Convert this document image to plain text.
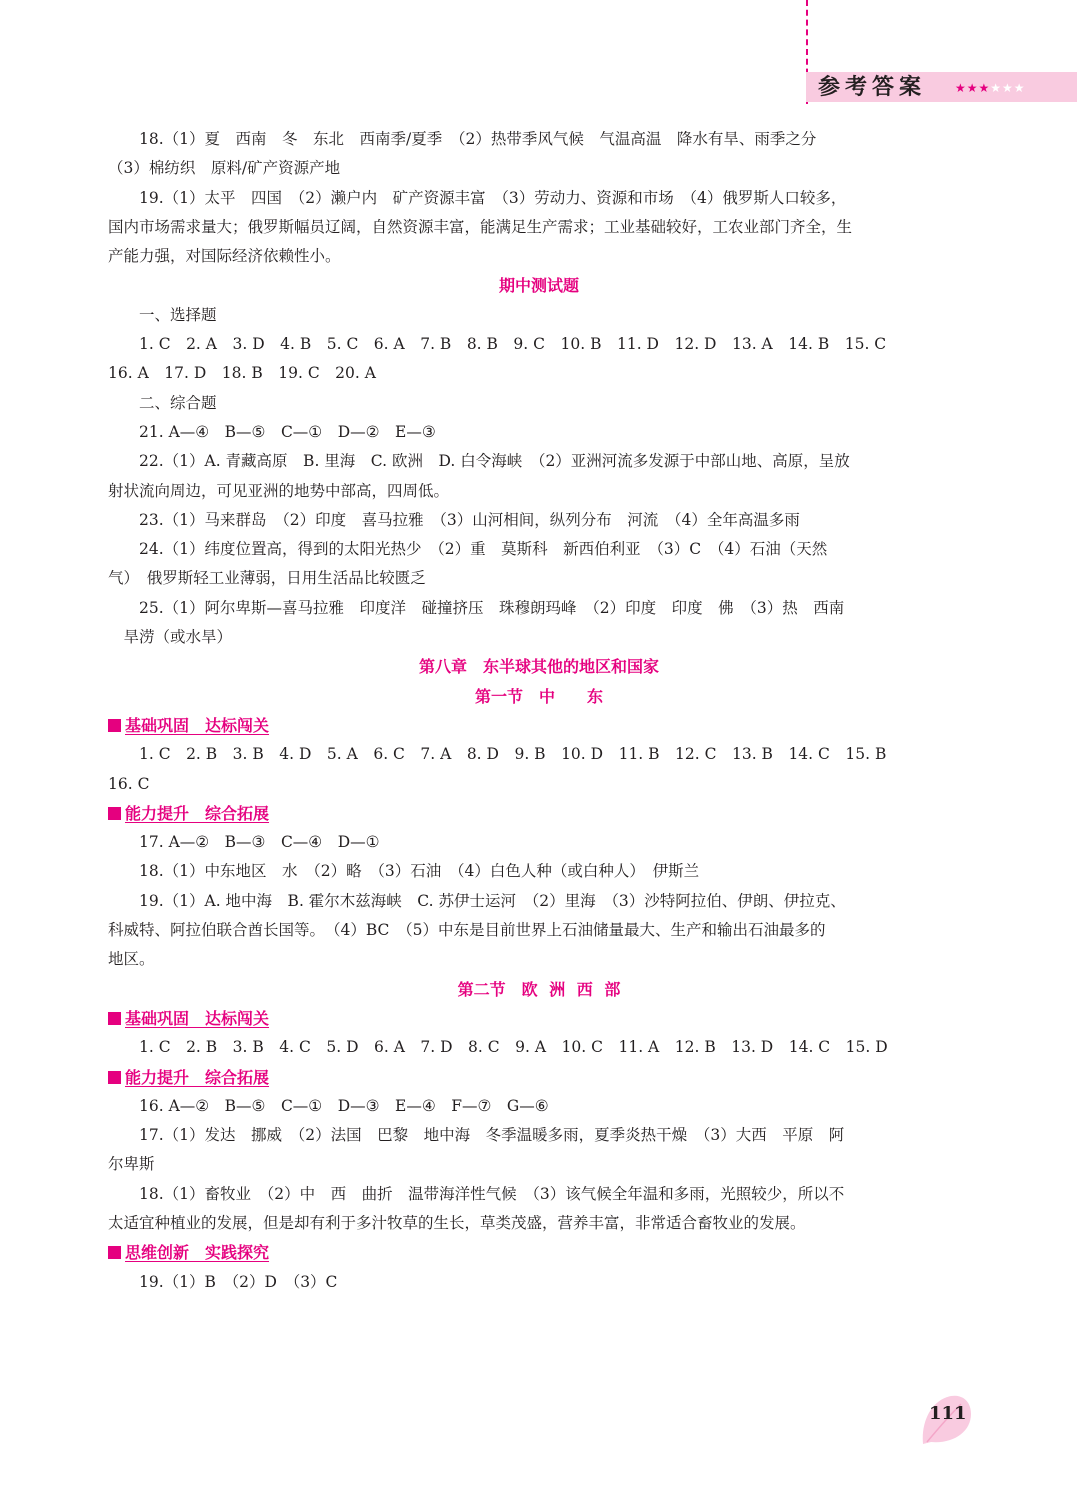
参考答案 ★★★★★★

18.（1）夏　西南　冬　东北　西南季/夏季　（2）热带季风气候　气温高温　降水有旱、雨季之分

（3）棉纺织　原料/矿产资源产地

19.（1）太平　四国　（2）濑户内　矿产资源丰富　（3）劳动力、资源和市场　（4）俄罗斯人口较多，

国内市场需求量大；俄罗斯幅员辽阔，自然资源丰富，能满足生产需求；工业基础较好，工农业部门齐全，生

产能力强，对国际经济依赖性小。

期中测试题

一、选择题

1. C　2. A　3. D　4. B　5. C　6. A　7. B　8. B　9. C　10. B　11. D　12. D　13. A　14. B　15. C

16. A　17. D　18. B　19. C　20. A

二、综合题

21. A—④　B—⑤　C—①　D—②　E—③

22.（1）A. 青藏高原　B. 里海　C. 欧洲　D. 白令海峡　（2）亚洲河流多发源于中部山地、高原，呈放

射状流向周边，可见亚洲的地势中部高，四周低。

23.（1）马来群岛　（2）印度　喜马拉雅　（3）山河相间，纵列分布　河流　（4）全年高温多雨

24.（1）纬度位置高，得到的太阳光热少　（2）重　莫斯科　新西伯利亚　（3）C　（4）石油（天然

气）　俄罗斯轻工业薄弱，日用生活品比较匮乏

25.（1）阿尔卑斯—喜马拉雅　印度洋　碰撞挤压　珠穆朗玛峰　（2）印度　印度　佛　（3）热　西南

旱涝（或水旱）

第八章　东半球其他的地区和国家

第一节　中　　东

基础巩固　达标闯关

1. C　2. B　3. B　4. D　5. A　6. C　7. A　8. D　9. B　10. D　11. B　12. C　13. B　14. C　15. B

16. C

能力提升　综合拓展

17. A—②　B—③　C—④　D—①

18.（1）中东地区　水　（2）略　（3）石油　（4）白色人种（或白种人）　伊斯兰

19.（1）A. 地中海　B. 霍尔木兹海峡　C. 苏伊士运河　（2）里海　（3）沙特阿拉伯、伊朗、伊拉克、

科威特、阿拉伯联合酋长国等。　（4）BC　（5）中东是目前世界上石油储量最大、生产和输出石油最多的

地区。

第二节　欧 洲 西 部

基础巩固　达标闯关

1. C　2. B　3. B　4. C　5. D　6. A　7. D　8. C　9. A　10. C　11. A　12. B　13. D　14. C　15. D

能力提升　综合拓展

16. A—②　B—⑤　C—①　D—③　E—④　F—⑦　G—⑥

17.（1）发达　挪威　（2）法国　巴黎　地中海　冬季温暖多雨，夏季炎热干燥　（3）大西　平原　阿

尔卑斯

18.（1）畜牧业　（2）中　西　曲折　温带海洋性气候　（3）该气候全年温和多雨，光照较少，所以不

太适宜种植业的发展，但是却有利于多汁牧草的生长，草类茂盛，营养丰富，非常适合畜牧业的发展。

思维创新　实践探究

19.（1）B　（2）D　（3）C

111
